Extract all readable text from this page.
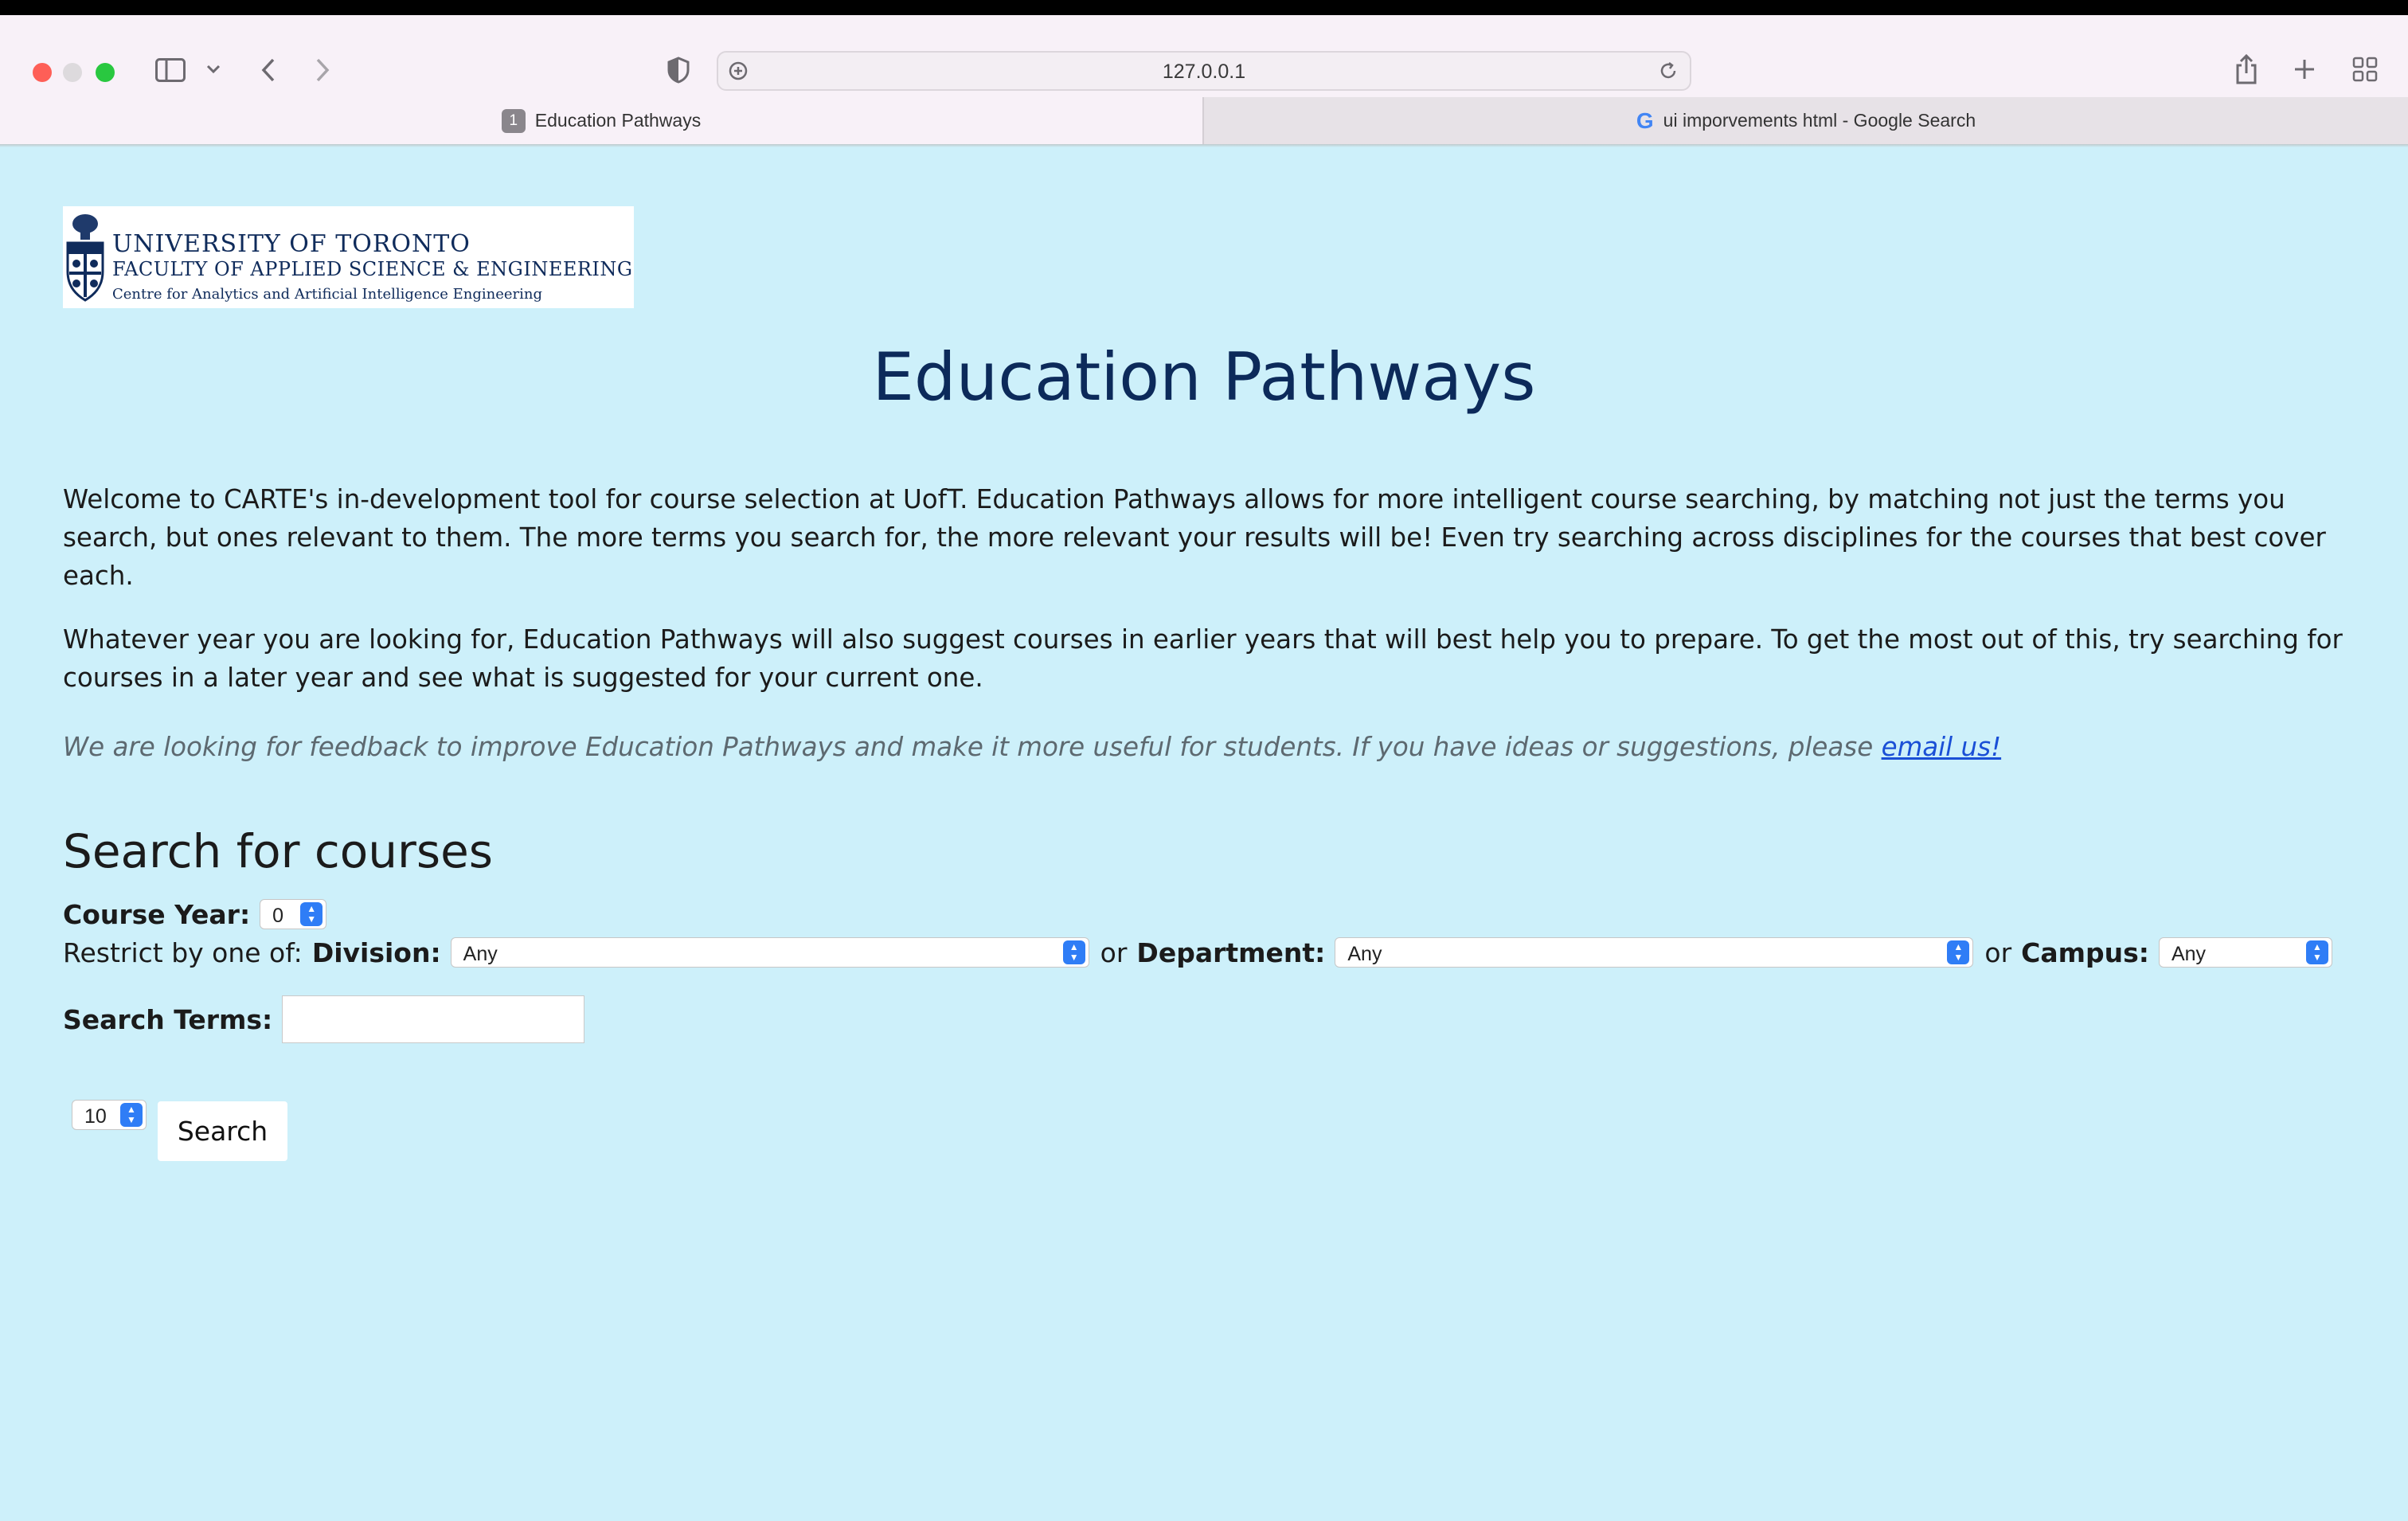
127.0.0.1
1 Education Pathways	G ui imporvements html - Google Search
UNIVERSITY OF TORONTO
FACULTY OF APPLIED SCIENCE & ENGINEERING
Centre for Analytics and Artificial Intelligence Engineering
Education Pathways

Welcome to CARTE's in-development tool for course selection at UofT. Education Pathways allows for more intelligent course searching, by matching not just the terms you search, but ones relevant to them. The more terms you search for, the more relevant your results will be! Even try searching across disciplines for the courses that best cover each.

Whatever year you are looking for, Education Pathways will also suggest courses in earlier years that will best help you to prepare. To get the most out of this, try searching for courses in a later year and see what is suggested for your current one.

We are looking for feedback to improve Education Pathways and make it more useful for students. If you have ideas or suggestions, please email us!

Search for courses
Course Year: 0	▲
▼
Restrict by one of: Division: Any	▲
▼ or Department: Any	▲
▼ or Campus: Any	▲
▼
Search Terms:
10	▲
▼	Search
